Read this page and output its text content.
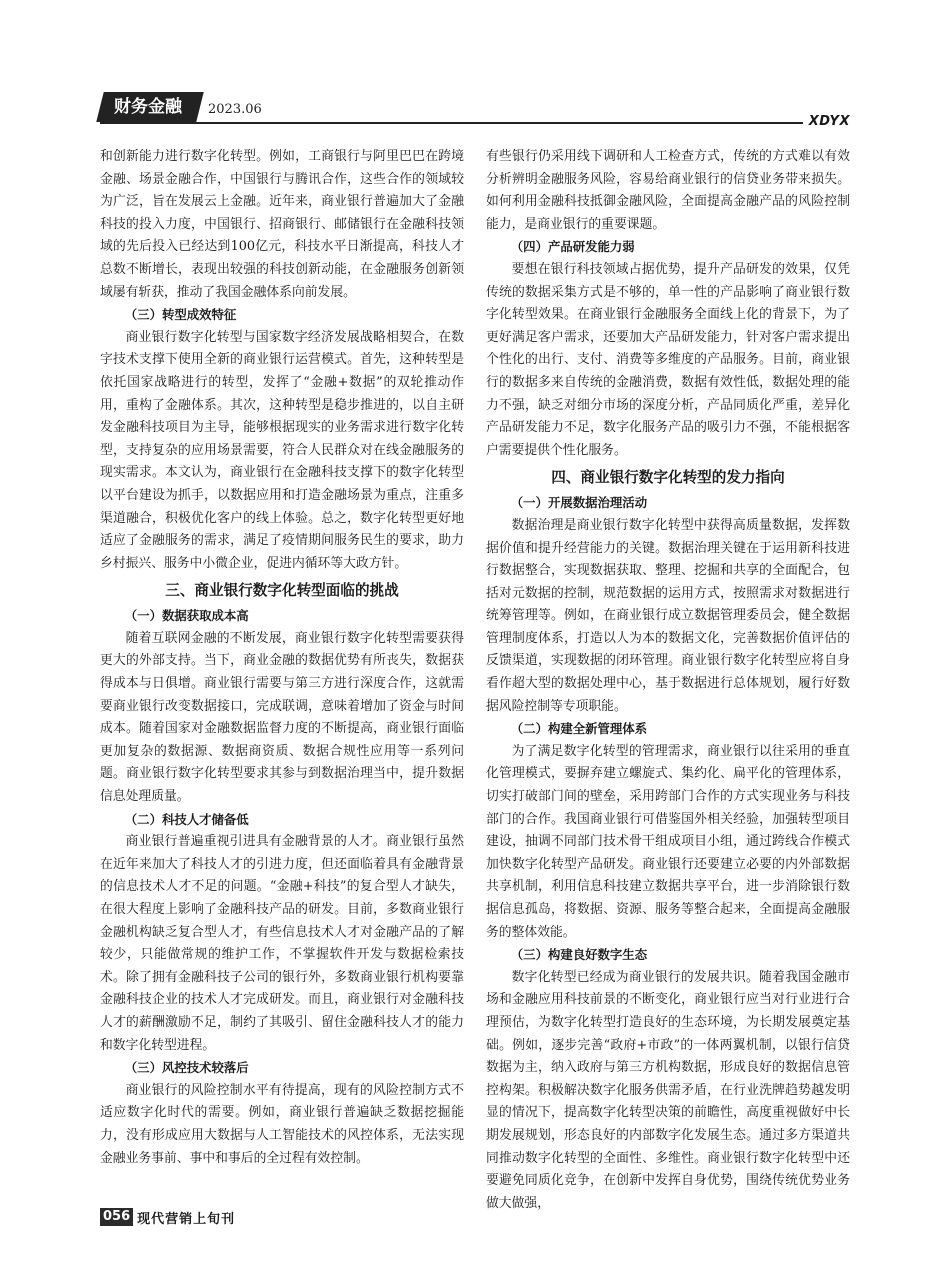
财务金融	2023.06
XDYX

和创新能力进行数字化转型。例如，工商银行与阿里巴巴在跨境金融、场景金融合作，中国银行与腾讯合作，这些合作的领域较为广泛，旨在发展云上金融。近年来，商业银行普遍加大了金融科技的投入力度，中国银行、招商银行、邮储银行在金融科技领域的先后投入已经达到100亿元，科技水平日渐提高，科技人才总数不断增长，表现出较强的科技创新动能，在金融服务创新领域屡有斩获，推动了我国金融体系向前发展。

（三）转型成效特征

商业银行数字化转型与国家数字经济发展战略相契合，在数字技术支撑下使用全新的商业银行运营模式。首先，这种转型是依托国家战略进行的转型，发挥了“金融+数据”的双轮推动作用，重构了金融体系。其次，这种转型是稳步推进的，以自主研发金融科技项目为主导，能够根据现实的业务需求进行数字化转型，支持复杂的应用场景需要，符合人民群众对在线金融服务的现实需求。本文认为，商业银行在金融科技支撑下的数字化转型以平台建设为抓手，以数据应用和打造金融场景为重点，注重多渠道融合，积极优化客户的线上体验。总之，数字化转型更好地适应了金融服务的需求，满足了疫情期间服务民生的要求，助力乡村振兴、服务中小微企业，促进内循环等大政方针。

三、商业银行数字化转型面临的挑战
（一）数据获取成本高

随着互联网金融的不断发展，商业银行数字化转型需要获得更大的外部支持。当下，商业金融的数据优势有所丧失，数据获得成本与日俱增。商业银行需要与第三方进行深度合作，这就需要商业银行改变数据接口，完成联调，意味着增加了资金与时间成本。随着国家对金融数据监督力度的不断提高，商业银行面临更加复杂的数据源、数据商资质、数据合规性应用等一系列问题。商业银行数字化转型要求其参与到数据治理当中，提升数据信息处理质量。

（二）科技人才储备低

商业银行普遍重视引进具有金融背景的人才。商业银行虽然在近年来加大了科技人才的引进力度，但还面临着具有金融背景的信息技术人才不足的问题。“金融+科技”的复合型人才缺失，在很大程度上影响了金融科技产品的研发。目前，多数商业银行金融机构缺乏复合型人才，有些信息技术人才对金融产品的了解较少，只能做常规的维护工作，不掌握软件开发与数据检索技术。除了拥有金融科技子公司的银行外，多数商业银行机构要靠金融科技企业的技术人才完成研发。而且，商业银行对金融科技人才的薪酬激励不足，制约了其吸引、留住金融科技人才的能力和数字化转型进程。

（三）风控技术较落后

商业银行的风险控制水平有待提高，现有的风险控制方式不适应数字化时代的需要。例如，商业银行普遍缺乏数据挖掘能力，没有形成应用大数据与人工智能技术的风控体系，无法实现金融业务事前、事中和事后的全过程有效控制。

有些银行仍采用线下调研和人工检查方式，传统的方式难以有效分析辨明金融服务风险，容易给商业银行的信贷业务带来损失。如何利用金融科技抵御金融风险，全面提高金融产品的风险控制能力，是商业银行的重要课题。

（四）产品研发能力弱

要想在银行科技领域占据优势，提升产品研发的效果，仅凭传统的数据采集方式是不够的，单一性的产品影响了商业银行数字化转型效果。在商业银行金融服务全面线上化的背景下，为了更好满足客户需求，还要加大产品研发能力，针对客户需求提出个性化的出行、支付、消费等多维度的产品服务。目前，商业银行的数据多来自传统的金融消费，数据有效性低，数据处理的能力不强，缺乏对细分市场的深度分析，产品同质化严重，差异化产品研发能力不足，数字化服务产品的吸引力不强，不能根据客户需要提供个性化服务。

四、商业银行数字化转型的发力指向
（一）开展数据治理活动

数据治理是商业银行数字化转型中获得高质量数据，发挥数据价值和提升经营能力的关键。数据治理关键在于运用新科技进行数据整合，实现数据获取、整理、挖掘和共享的全面配合，包括对元数据的控制，规范数据的运用方式，按照需求对数据进行统筹管理等。例如，在商业银行成立数据管理委员会，健全数据管理制度体系，打造以人为本的数据文化，完善数据价值评估的反馈渠道，实现数据的闭环管理。商业银行数字化转型应将自身看作超大型的数据处理中心，基于数据进行总体规划，履行好数据风险控制等专项职能。

（二）构建全新管理体系

为了满足数字化转型的管理需求，商业银行以往采用的垂直化管理模式，要摒弃建立螺旋式、集约化、扁平化的管理体系，切实打破部门间的壁垒，采用跨部门合作的方式实现业务与科技部门的合作。我国商业银行可借鉴国外相关经验，加强转型项目建设，抽调不同部门技术骨干组成项目小组，通过跨线合作模式加快数字化转型产品研发。商业银行还要建立必要的内外部数据共享机制，利用信息科技建立数据共享平台，进一步消除银行数据信息孤岛，将数据、资源、服务等整合起来，全面提高金融服务的整体效能。

（三）构建良好数字生态

数字化转型已经成为商业银行的发展共识。随着我国金融市场和金融应用科技前景的不断变化，商业银行应当对行业进行合理预估，为数字化转型打造良好的生态环境，为长期发展奠定基础。例如，逐步完善“政府+市政”的一体两翼机制，以银行信贷数据为主，纳入政府与第三方机构数据，形成良好的数据信息管控构架。积极解决数字化服务供需矛盾，在行业洗牌趋势越发明显的情况下，提高数字化转型决策的前瞻性，高度重视做好中长期发展规划，形态良好的内部数字化发展生态。通过多方渠道共同推动数字化转型的全面性、多维性。商业银行数字化转型中还要避免同质化竞争，在创新中发挥自身优势，围绕传统优势业务做大做强，

056 现代营销上旬刊
